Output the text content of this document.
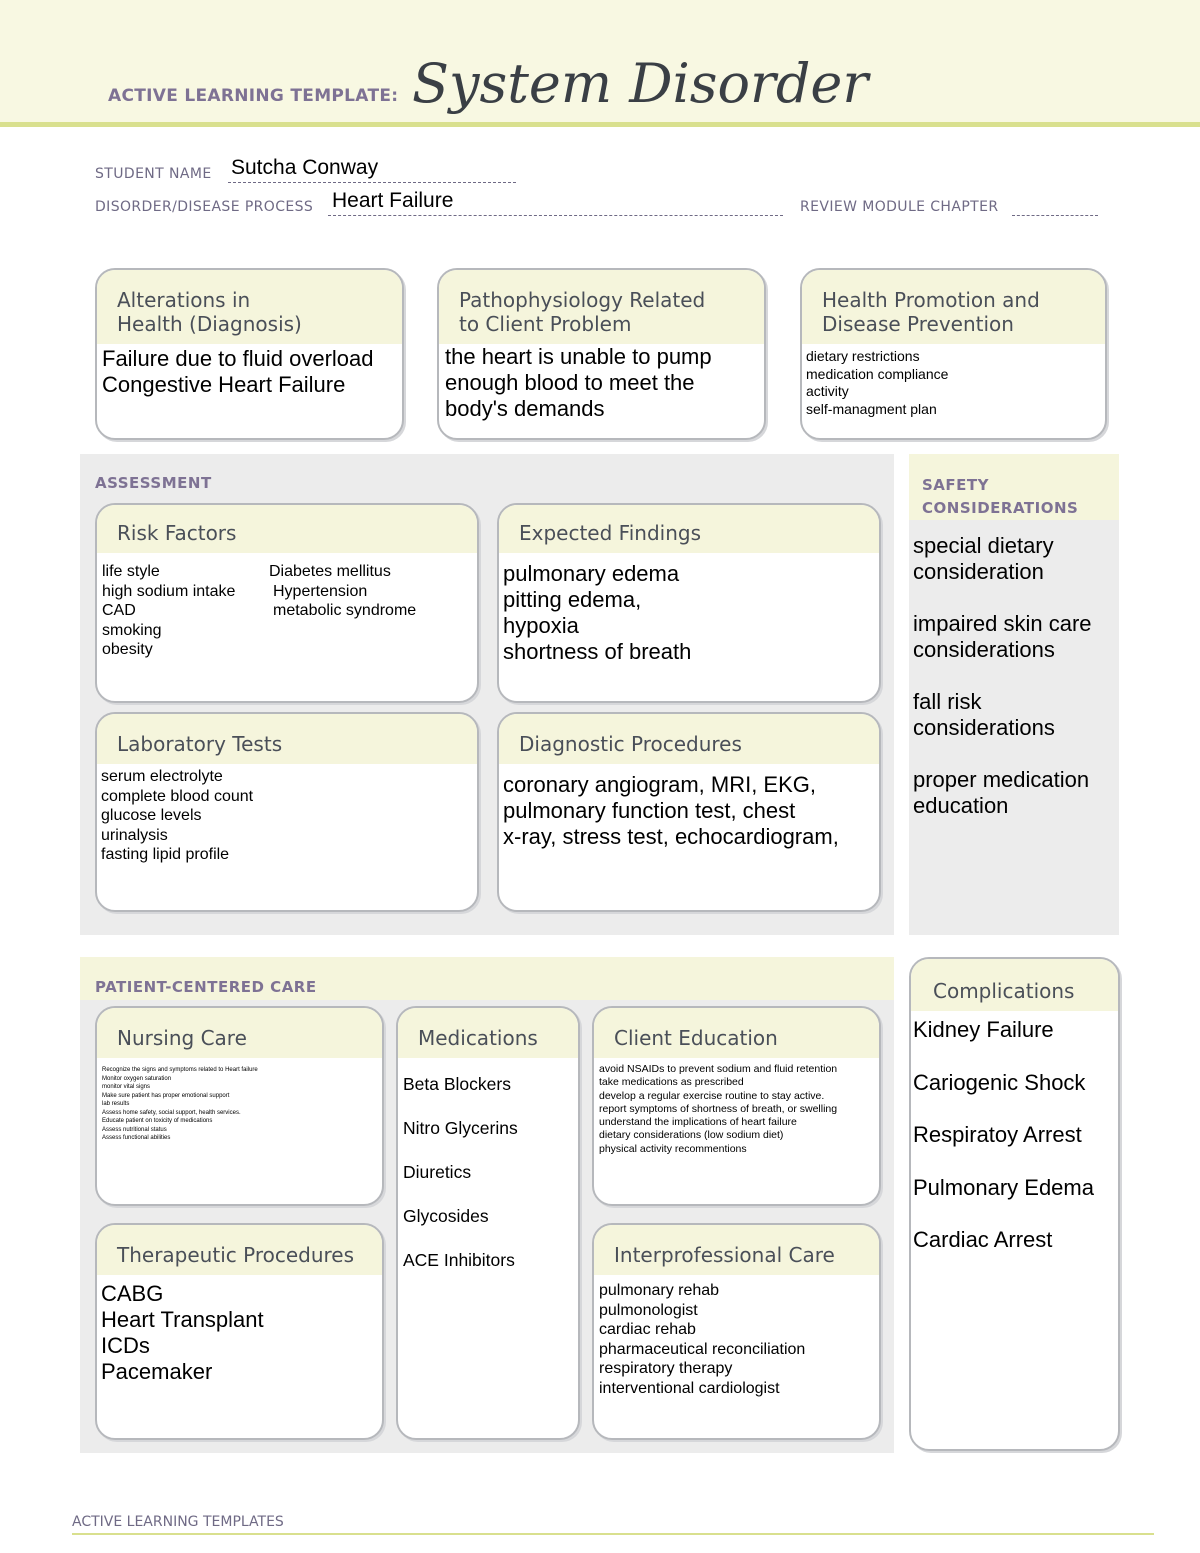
ACTIVE LEARNING TEMPLATE: System Disorder
STUDENT NAME Sutcha Conway
DISORDER/DISEASE PROCESS Heart Failure	REVIEW MODULE CHAPTER
Alterations in
Health (Diagnosis)
Failure due to fluid overload
Congestive Heart Failure
Pathophysiology Related
to Client Problem
the heart is unable to pump
enough blood to meet the
body's demands
Health Promotion and
Disease Prevention
dietary restrictions
medication compliance
activity
self-managment plan
ASSESSMENT
Risk Factors
life style
high sodium intake
CAD
smoking
obesity
Diabetes mellitus
Hypertension
metabolic syndrome
Expected Findings
pulmonary edema
pitting edema,
hypoxia
shortness of breath
Laboratory Tests
serum electrolyte
complete blood count
glucose levels
urinalysis
fasting lipid profile
Diagnostic Procedures
coronary angiogram, MRI, EKG,
pulmonary function test, chest
x-ray, stress test, echocardiogram,
SAFETY
CONSIDERATIONS
special dietary
consideration
impaired skin care
considerations
fall risk
considerations
proper medication
education
PATIENT-CENTERED CARE
Nursing Care
Recognize the signs and symptoms related to Heart failure
Monitor oxygen saturation
monitor vital signs
Make sure patient has proper emotional support
lab results
Assess home safety, social support, health services.
Educate patient on toxicity of medications
Assess nutritional status
Assess functional abilities
Medications
Beta Blockers
Nitro Glycerins
Diuretics
Glycosides
ACE Inhibitors
Client Education
avoid NSAIDs to prevent sodium and fluid retention
take medications as prescribed
develop a regular exercise routine to stay active.
report symptoms of shortness of breath, or swelling
understand the implications of heart failure
dietary considerations (low sodium diet)
physical activity recommentions
Therapeutic Procedures
CABG
Heart Transplant
ICDs
Pacemaker
Interprofessional Care
pulmonary rehab
pulmonologist
cardiac rehab
pharmaceutical reconciliation
respiratory therapy
interventional cardiologist
Complications
Kidney Failure
Cariogenic Shock
Respiratoy Arrest
Pulmonary Edema
Cardiac Arrest
ACTIVE LEARNING TEMPLATES
